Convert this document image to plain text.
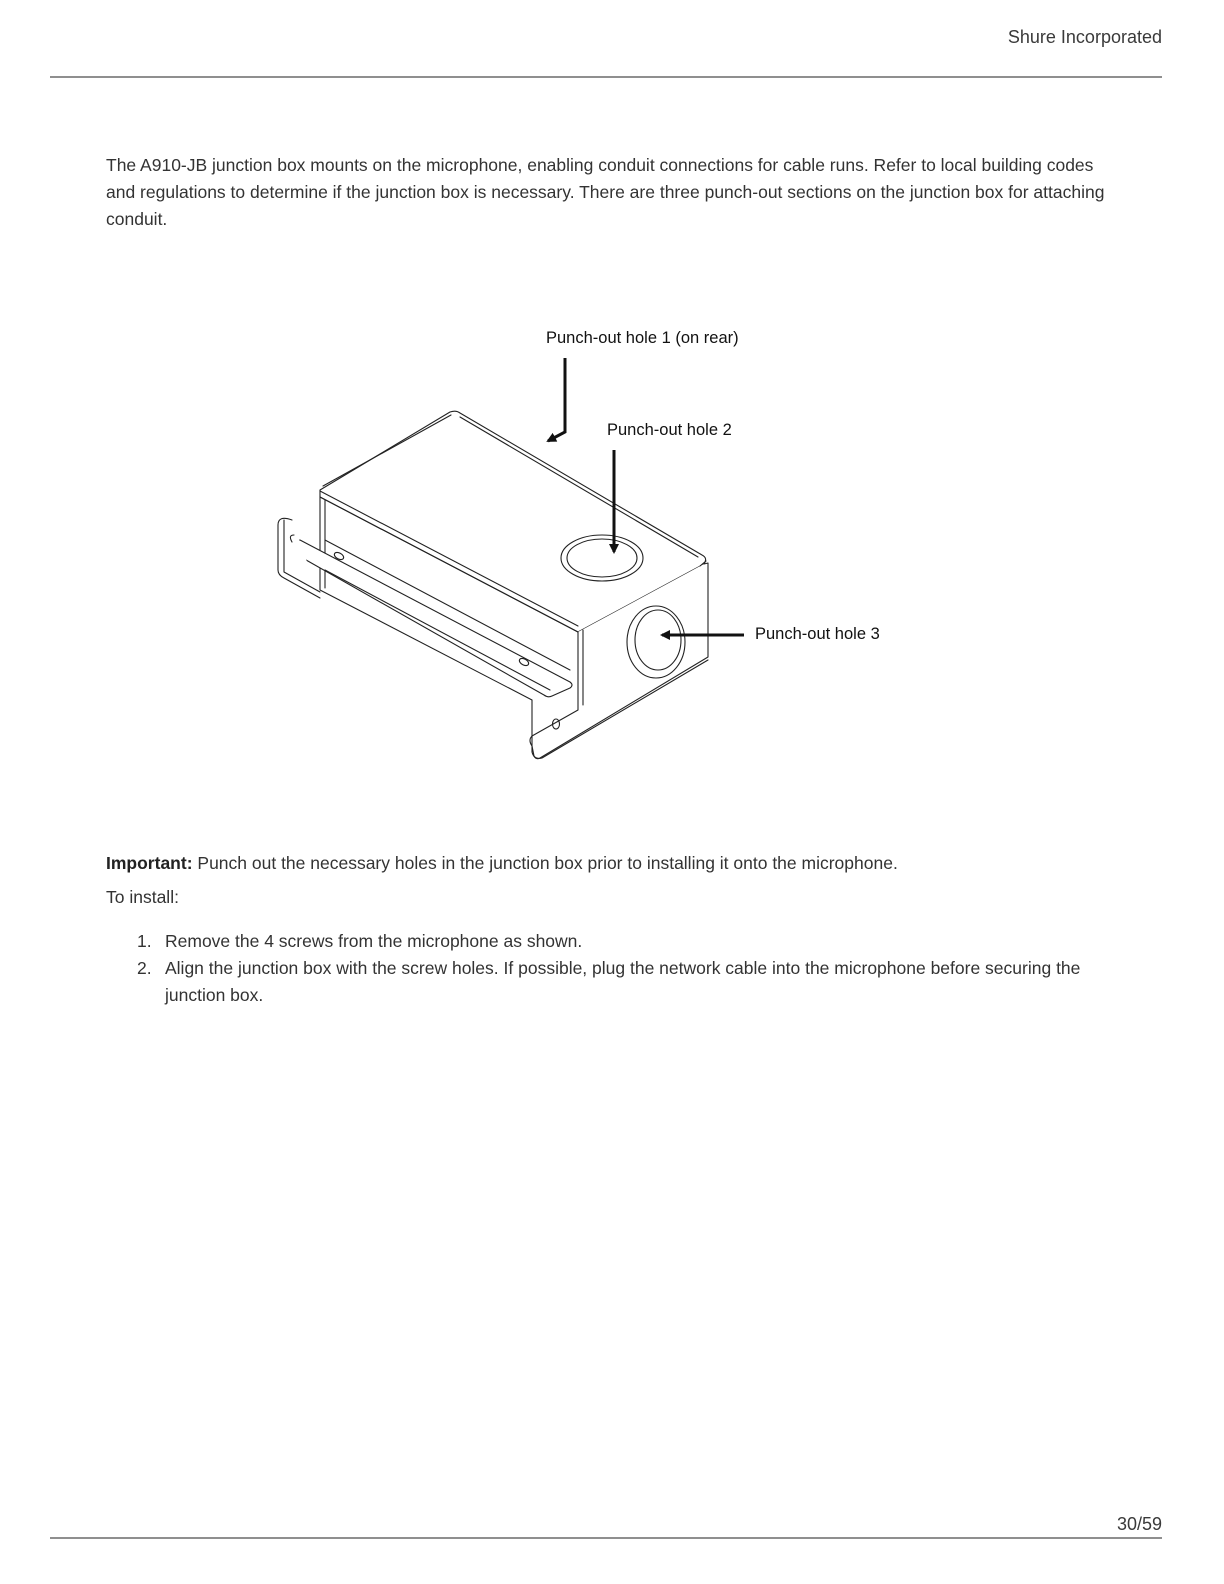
Shure Incorporated

The A910-JB junction box mounts on the microphone, enabling conduit connections for cable runs. Refer to local building codes and regulations to determine if the junction box is necessary. There are three punch-out sections on the junction box for attaching conduit.

Punch-out hole 1 (on rear)
Punch-out hole 2
Punch-out hole 3

Important: Punch out the necessary holes in the junction box prior to installing it onto the microphone.

To install:

1. Remove the 4 screws from the microphone as shown.
2. Align the junction box with the screw holes. If possible, plug the network cable into the microphone before securing the junction box.
30/59
